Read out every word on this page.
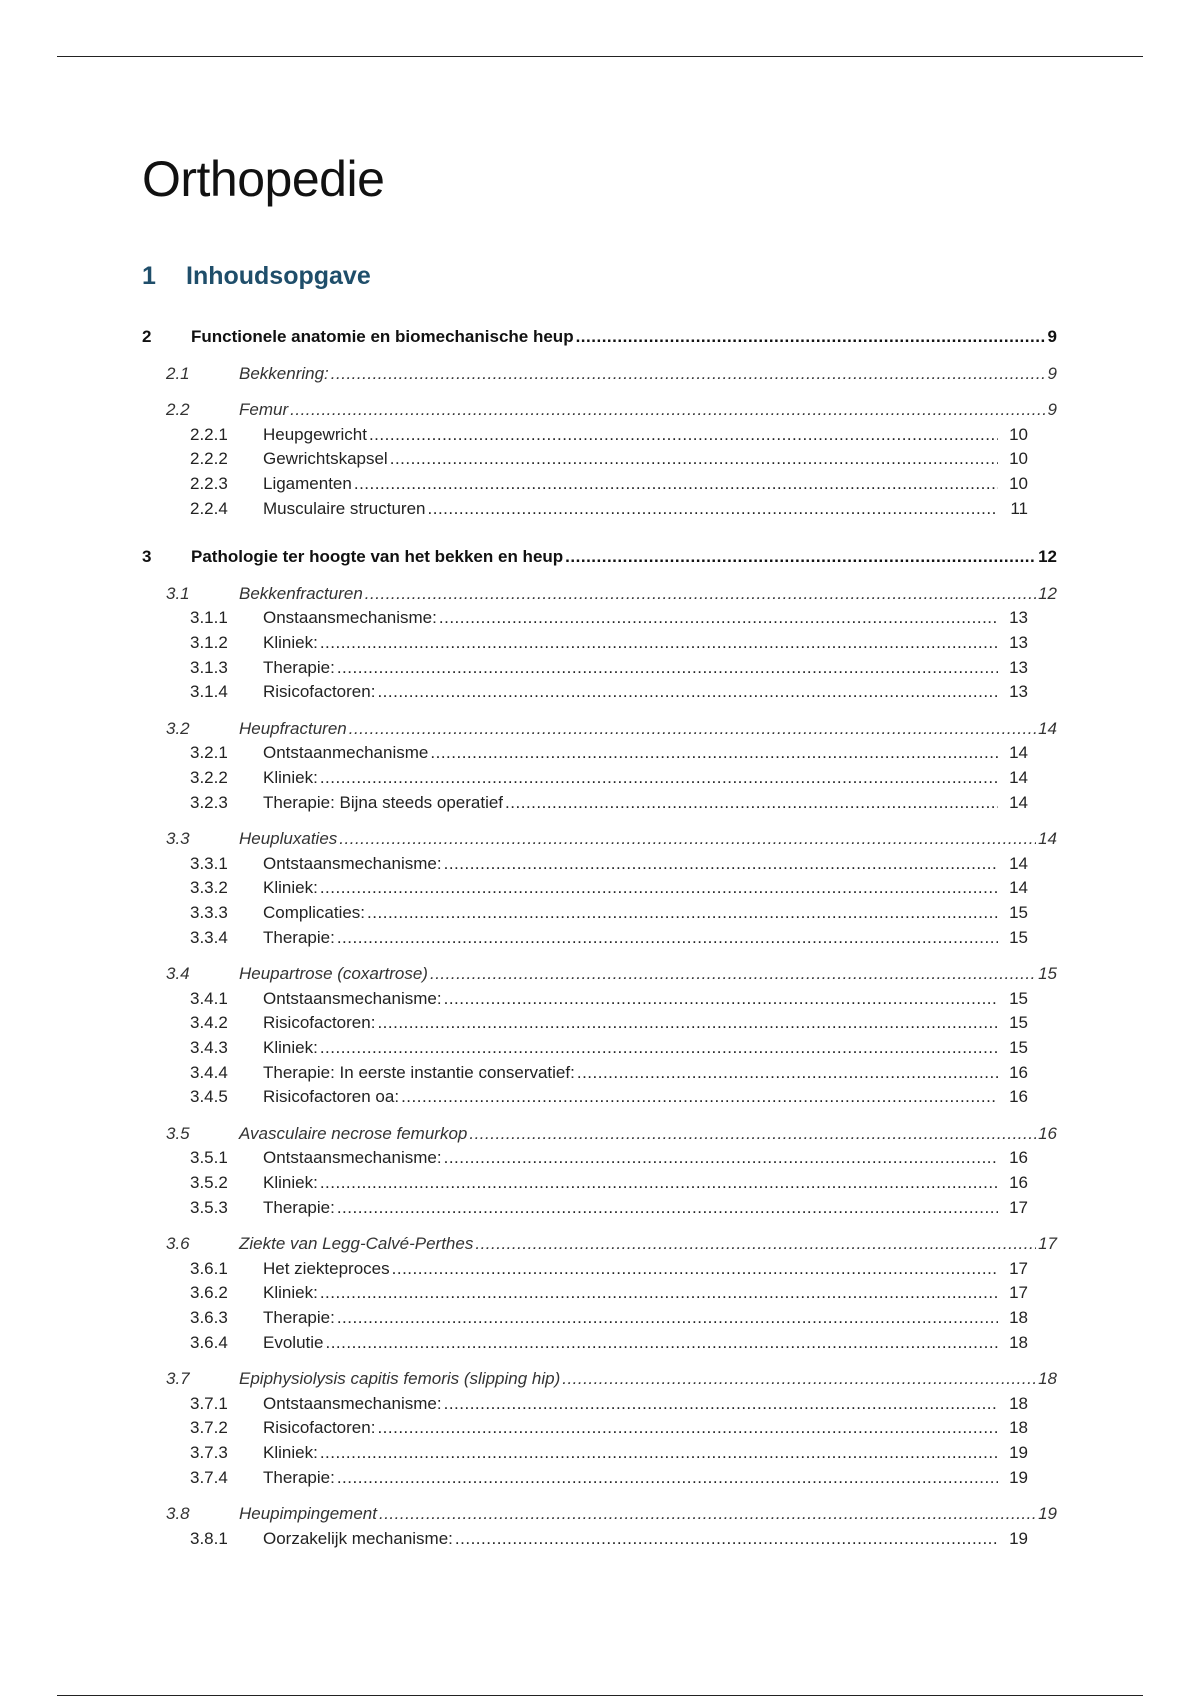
Orthopedie
1 Inhoudsopgave
2	Functionele anatomie en biomechanische heup .....	9
2.1	Bekkenring: .....	9
2.2	Femur .....	9
2.2.1	Heupgewricht .....	10
2.2.2	Gewrichtskapsel .....	10
2.2.3	Ligamenten .....	10
2.2.4	Musculaire structuren .....	11
3	Pathologie ter hoogte van het bekken en heup .....	12
3.1	Bekkenfracturen .....	12
3.1.1	Onstaansmechanisme: .....	13
3.1.2	Kliniek: .....	13
3.1.3	Therapie: .....	13
3.1.4	Risicofactoren: .....	13
3.2	Heupfracturen .....	14
3.2.1	Ontstaanmechanisme .....	14
3.2.2	Kliniek: .....	14
3.2.3	Therapie: Bijna steeds operatief .....	14
3.3	Heupluxaties .....	14
3.3.1	Ontstaansmechanisme: .....	14
3.3.2	Kliniek: .....	14
3.3.3	Complicaties: .....	15
3.3.4	Therapie: .....	15
3.4	Heupartrose (coxartrose) .....	15
3.4.1	Ontstaansmechanisme: .....	15
3.4.2	Risicofactoren: .....	15
3.4.3	Kliniek: .....	15
3.4.4	Therapie: In eerste instantie conservatief: .....	16
3.4.5	Risicofactoren oa: .....	16
3.5	Avasculaire necrose femurkop .....	16
3.5.1	Ontstaansmechanisme: .....	16
3.5.2	Kliniek: .....	16
3.5.3	Therapie: .....	17
3.6	Ziekte van Legg-Calvé-Perthes .....	17
3.6.1	Het ziekteproces .....	17
3.6.2	Kliniek: .....	17
3.6.3	Therapie: .....	18
3.6.4	Evolutie .....	18
3.7	Epiphysiolysis capitis femoris (slipping hip) .....	18
3.7.1	Ontstaansmechanisme: .....	18
3.7.2	Risicofactoren: .....	18
3.7.3	Kliniek: .....	19
3.7.4	Therapie: .....	19
3.8	Heupimpingement .....	19
3.8.1	Oorzakelijk mechanisme: .....	19
